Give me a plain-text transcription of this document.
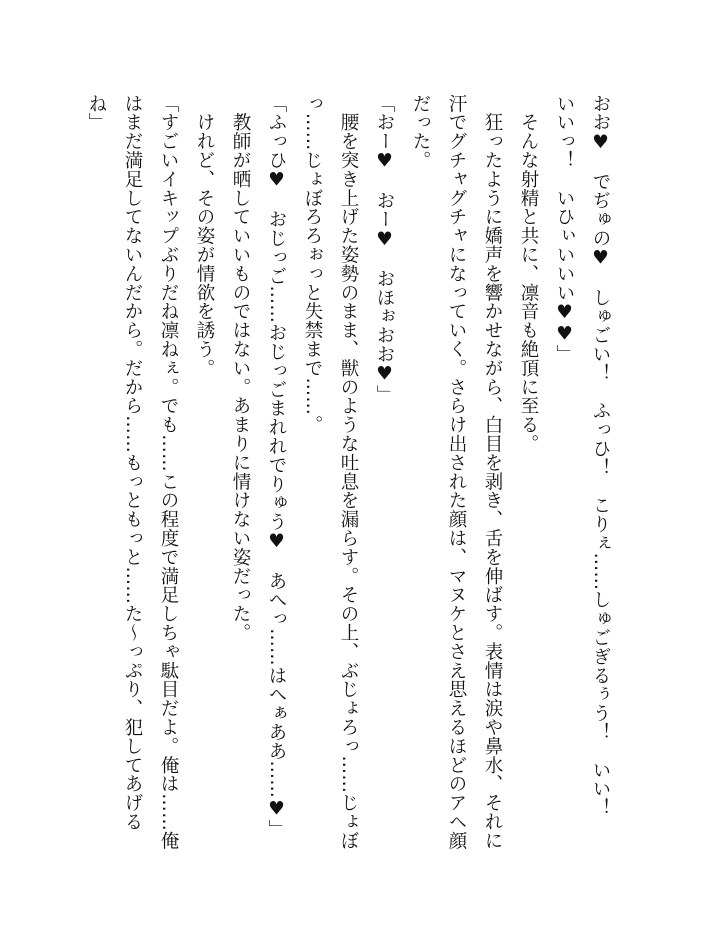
おお♥　でぢゅの♥　しゅごい！　ふっひ！　こりぇ……しゅごぎるぅう！　いい！　いいっ！　いひぃいいい♥♥」

　そんな射精と共に、凛音も絶頂に至る。

　狂ったように嬌声を響かせながら、白目を剥き、舌を伸ばす。表情は涙や鼻水、それに汗でグチャグチャになっていく。さらけ出された顔は、マヌケとさえ思えるほどのアヘ顔だった。

「おー♥　おー♥　おほぉおお♥」

　腰を突き上げた姿勢のまま、獣のような吐息を漏らす。その上、ぶじょろっ……じょぼっ……じょぼろろぉっと失禁まで……。

「ふっひ♥　おじっご……おじっごまれれでりゅう♥　あへっ……はへぁああ……♥」

　教師が晒していいものではない。あまりに情けない姿だった。

　けれど、その姿が情欲を誘う。

「すごいイキップぶりだね凛ねぇ。でも……この程度で満足しちゃ駄目だよ。俺は……俺はまだ満足してないんだから。だから……もっともっと……た〜っぷり、犯してあげるね」
